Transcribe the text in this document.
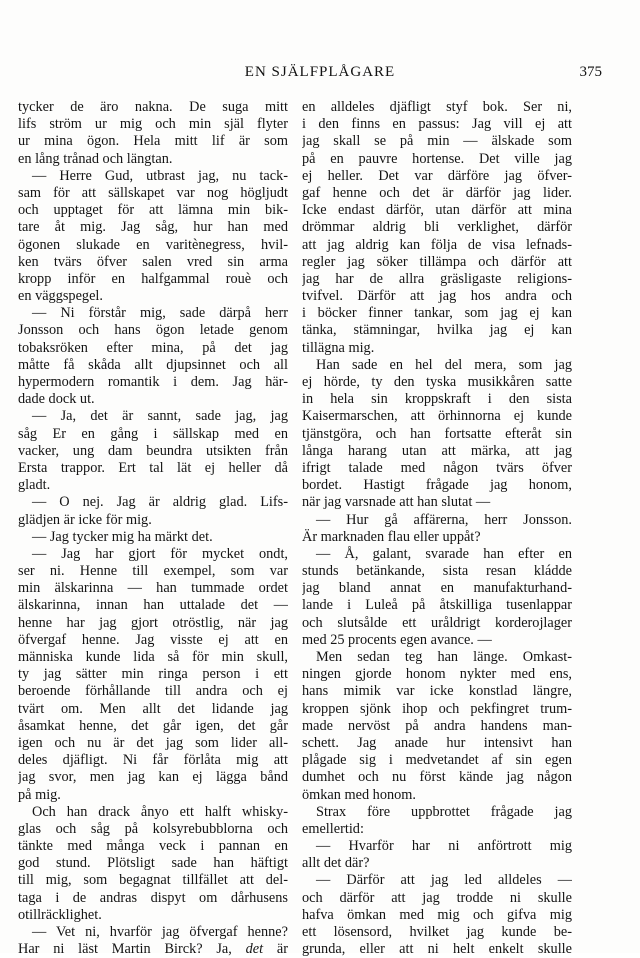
EN SJÄLFPLÅGARE	375
tycker de äro nakna. De suga mitt
lifs ström ur mig och min själ flyter
ur mina ögon. Hela mitt lif är som
en lång trånad och längtan.
— Herre Gud, utbrast jag, nu tack-
sam för att sällskapet var nog högljudt
och upptaget för att lämna min bik-
tare åt mig. Jag såg, hur han med
ögonen slukade en varitènegress, hvil-
ken tvärs öfver salen vred sin arma
kropp inför en halfgammal rouè och
en väggspegel.
— Ni förstår mig, sade därpå herr
Jonsson och hans ögon letade genom
tobaksröken efter mina, på det jag
måtte få skåda allt djupsinnet och all
hypermodern romantik i dem. Jag här-
dade dock ut.
— Ja, det är sannt, sade jag, jag
såg Er en gång i sällskap med en
vacker, ung dam beundra utsikten från
Ersta trappor. Ert tal lät ej heller då
gladt.
— O nej. Jag är aldrig glad. Lifs-
glädjen är icke för mig.
— Jag tycker mig ha märkt det.
— Jag har gjort för mycket ondt,
ser ni. Henne till exempel, som var
min älskarinna — han tummade ordet
älskarinna, innan han uttalade det —
henne har jag gjort otröstlig, när jag
öfvergaf henne. Jag visste ej att en
människa kunde lida så för min skull,
ty jag sätter min ringa person i ett
beroende förhållande till andra och ej
tvärt om. Men allt det lidande jag
åsamkat henne, det går igen, det går
igen och nu är det jag som lider all-
deles djäfligt. Ni får förlåta mig att
jag svor, men jag kan ej lägga bånd
på mig.
Och han drack ånyo ett halft whisky-
glas och såg på kolsyrebubblorna och
tänkte med många veck i pannan en
god stund. Plötsligt sade han häftigt
till mig, som begagnat tillfället att del-
taga i de andras dispyt om dårhusens
otillräcklighet.
— Vet ni, hvarför jag öfvergaf henne?
Har ni läst Martin Birck? Ja, det är
en alldeles djäfligt styf bok. Ser ni,
i den finns en passus: Jag vill ej att
jag skall se på min — älskade som
på en pauvre hortense. Det ville jag
ej heller. Det var därföre jag öfver-
gaf henne och det är därför jag lider.
Icke endast därför, utan därför att mina
drömmar aldrig bli verklighet, därför
att jag aldrig kan följa de visa lefnads-
regler jag söker tillämpa och därför att
jag har de allra gräsligaste religions-
tvifvel. Därför att jag hos andra och
i böcker finner tankar, som jag ej kan
tänka, stämningar, hvilka jag ej kan
tillägna mig.
Han sade en hel del mera, som jag
ej hörde, ty den tyska musikkåren satte
in hela sin kroppskraft i den sista
Kaisermarschen, att örhinnorna ej kunde
tjänstgöra, och han fortsatte efteråt sin
långa harang utan att märka, att jag
ifrigt talade med någon tvärs öfver
bordet. Hastigt frågade jag honom,
när jag varsnade att han slutat —
— Hur gå affärerna, herr Jonsson.
Är marknaden flau eller uppåt?
— Å, galant, svarade han efter en
stunds betänkande, sista resan kládde
jag bland annat en manufakturhand-
lande i Luleå på åtskilliga tusenlappar
och slutsålde ett uråldrigt korderojlager
med 25 procents egen avance. —
Men sedan teg han länge. Omkast-
ningen gjorde honom nykter med ens,
hans mimik var icke konstlad längre,
kroppen sjönk ihop och pekfingret trum-
made nervöst på andra handens man-
schett. Jag anade hur intensivt han
plågade sig i medvetandet af sin egen
dumhet och nu först kände jag någon
ömkan med honom.
Strax före uppbrottet frågade jag
emellertid:
— Hvarför har ni anförtrott mig
allt det där?
— Därför att jag led alldeles —
och därför att jag trodde ni skulle
hafva ömkan med mig och gifva mig
ett lösensord, hvilket jag kunde be-
grunda, eller att ni helt enkelt skulle
